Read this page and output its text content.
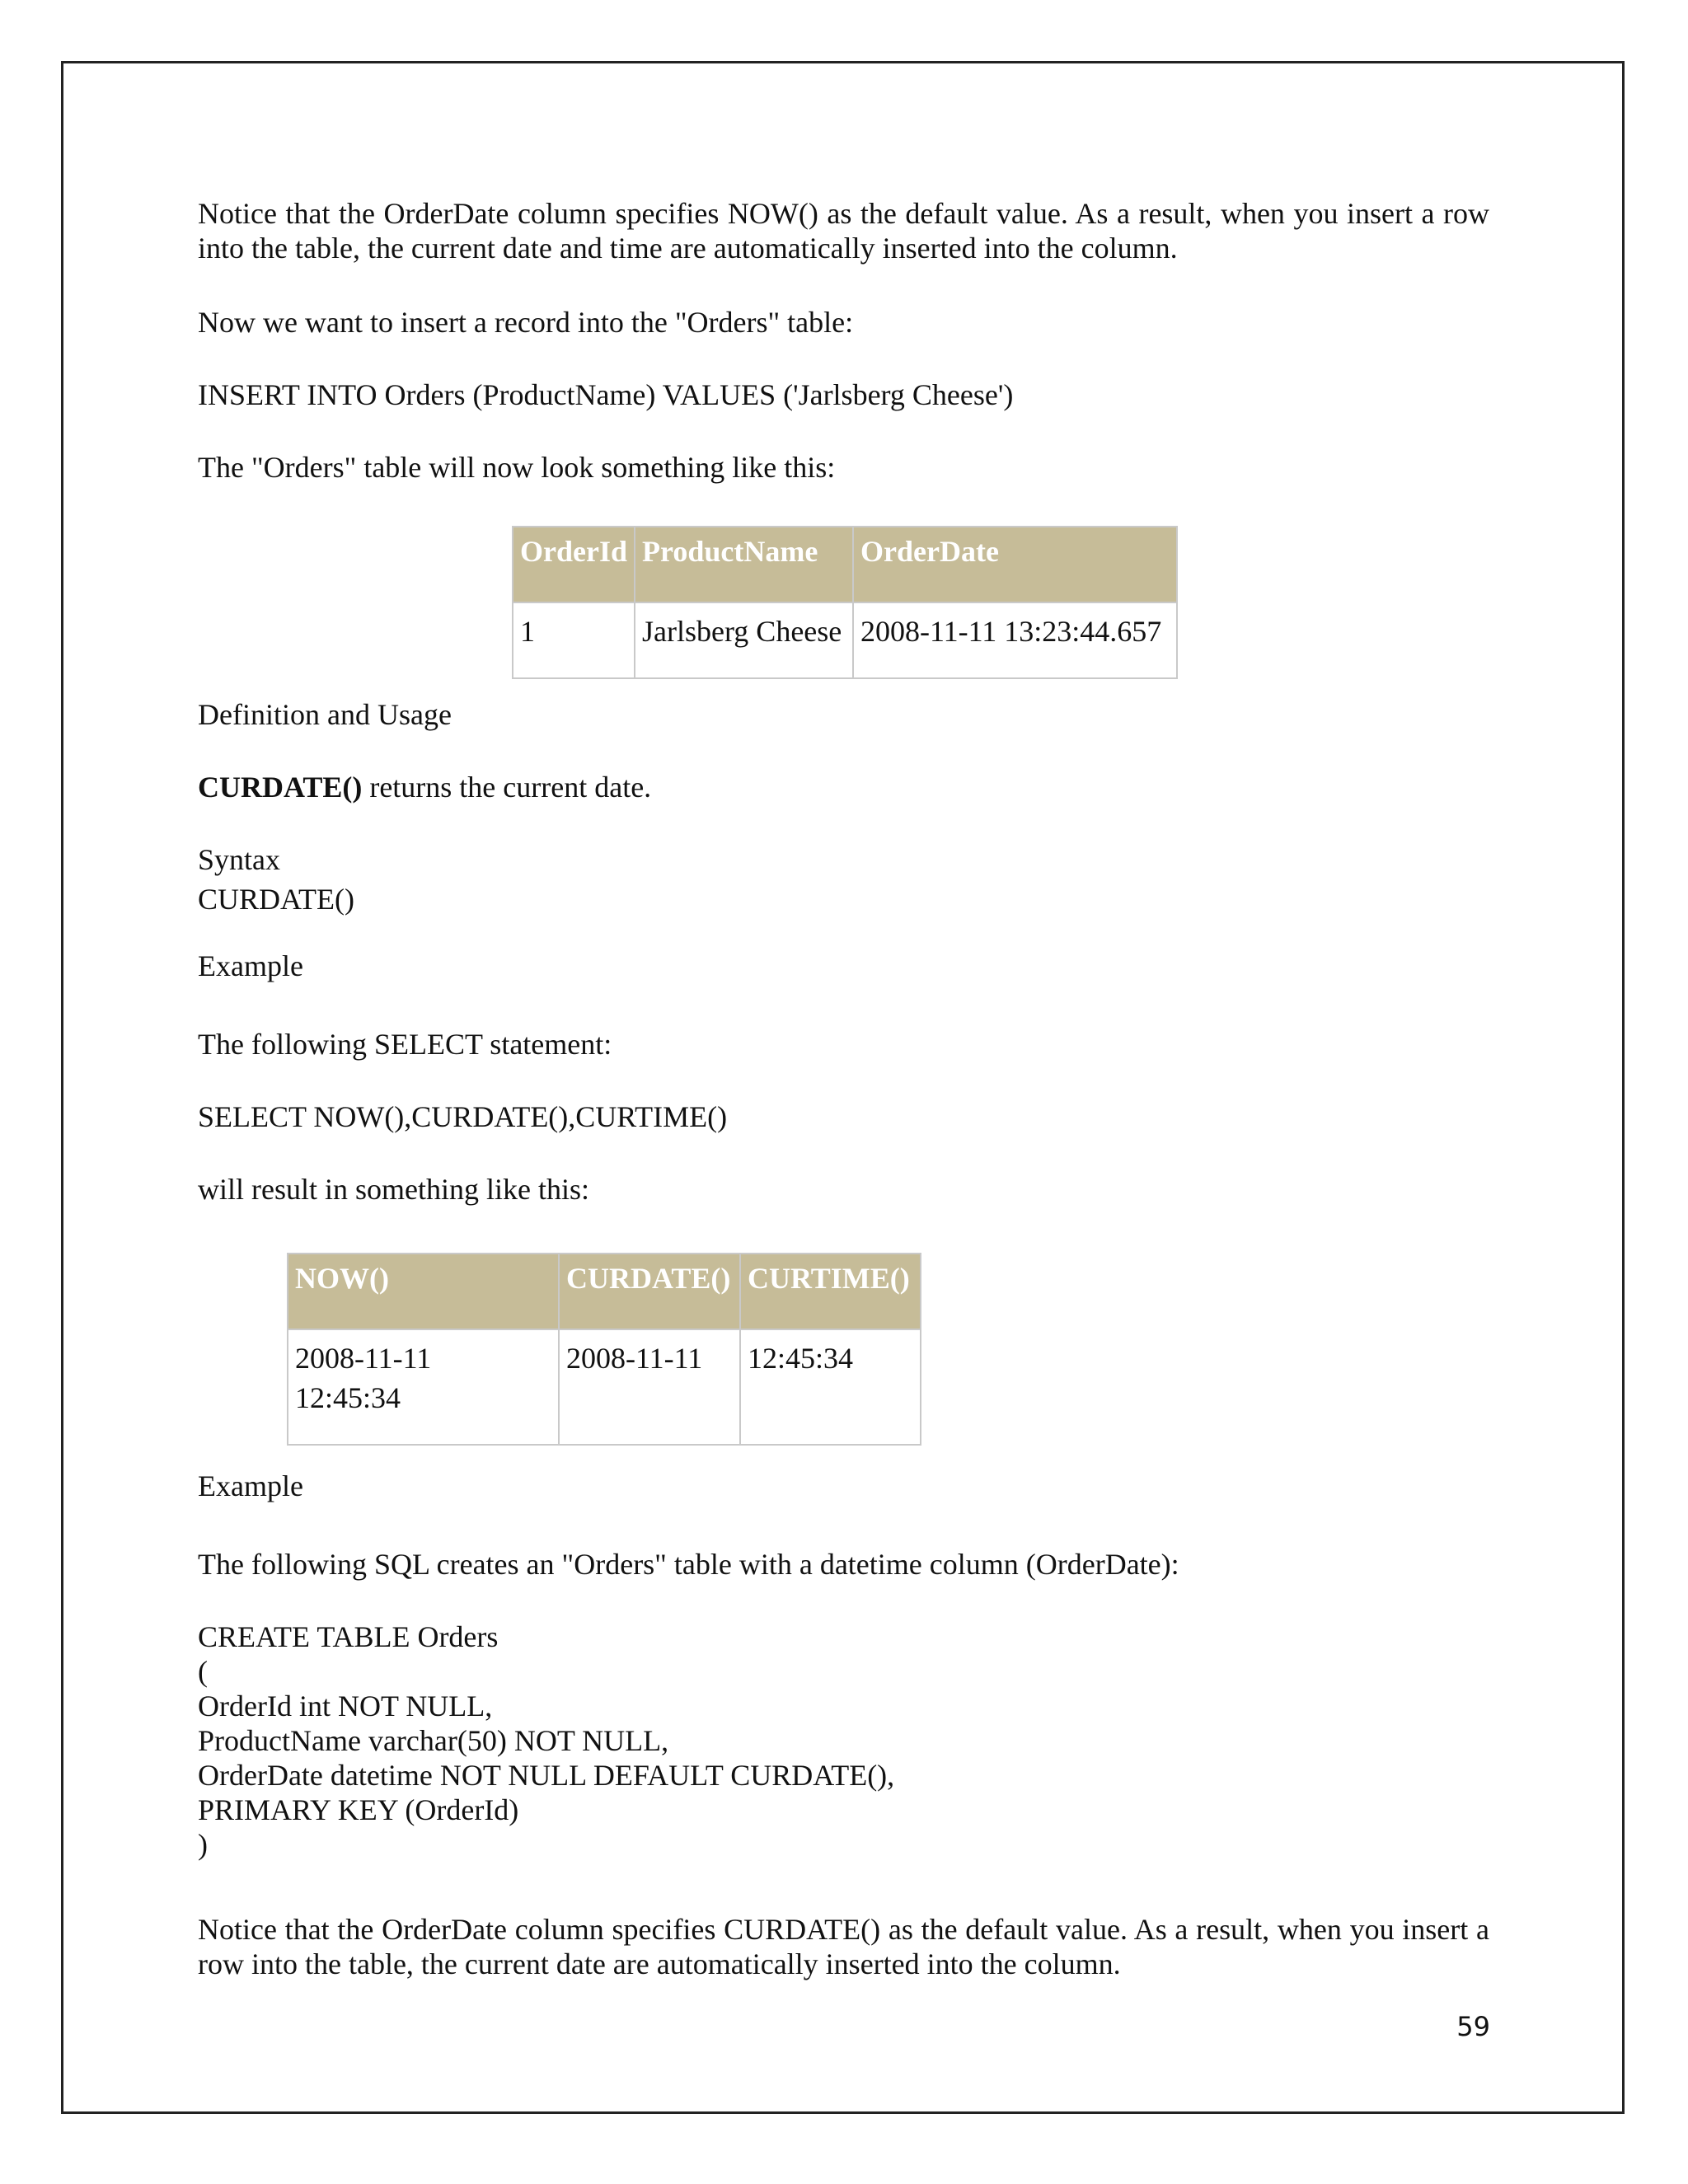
Notice that the OrderDate column specifies NOW() as the default value. As a result, when you insert a row into the table, the current date and time are automatically inserted into the column.

Now we want to insert a record into the "Orders" table:

INSERT INTO Orders (ProductName) VALUES ('Jarlsberg Cheese')

The "Orders" table will now look something like this:

Definition and Usage

CURDATE() returns the current date.

Syntax

CURDATE()

Example

The following SELECT statement:

SELECT NOW(),CURDATE(),CURTIME()

will result in something like this:

Example

The following SQL creates an "Orders" table with a datetime column (OrderDate):

CREATE TABLE Orders
(
OrderId int NOT NULL,
ProductName varchar(50) NOT NULL,
OrderDate datetime NOT NULL DEFAULT CURDATE(),
PRIMARY KEY (OrderId)
)

Notice that the OrderDate column specifies CURDATE() as the default value. As a result, when you insert a row into the table, the current date are automatically inserted into the column.

OrderId	ProductName	OrderDate
1	Jarlsberg Cheese	2008-11-11 13:23:44.657
NOW()	CURDATE()	CURTIME()
2008-11-11 12:45:34	2008-11-11	12:45:34
59
